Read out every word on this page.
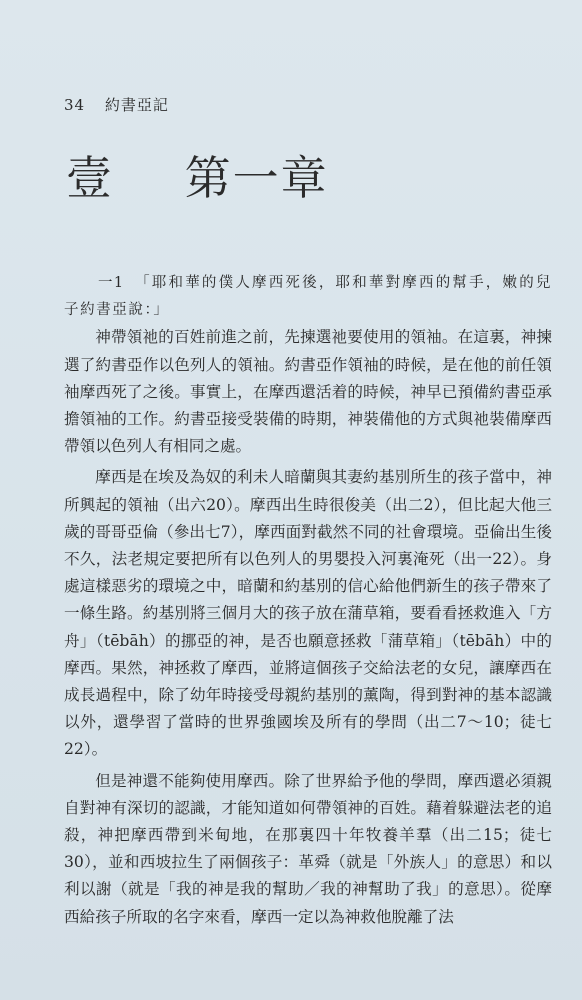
34 約書亞記
壹 第一章

一1 「耶和華的僕人摩西死後，耶和華對摩西的幫手，嫩的兒子約書亞說：」

神帶領祂的百姓前進之前，先揀選祂要使用的領袖。在這裏，神揀選了約書亞作以色列人的領袖。約書亞作領袖的時候，是在他的前任領袖摩西死了之後。事實上，在摩西還活着的時候，神早已預備約書亞承擔領袖的工作。約書亞接受裝備的時期，神裝備他的方式與祂裝備摩西帶領以色列人有相同之處。

摩西是在埃及為奴的利未人暗蘭與其妻約基別所生的孩子當中，神所興起的領袖（出六20）。摩西出生時很俊美（出二2），但比起大他三歲的哥哥亞倫（參出七7），摩西面對截然不同的社會環境。亞倫出生後不久，法老規定要把所有以色列人的男嬰投入河裏淹死（出一22）。身處這樣惡劣的環境之中，暗蘭和約基別的信心給他們新生的孩子帶來了一條生路。約基別將三個月大的孩子放在蒲草箱，要看看拯救進入「方舟」（tēbāh）的挪亞的神，是否也願意拯救「蒲草箱」（tēbāh）中的摩西。果然，神拯救了摩西，並將這個孩子交給法老的女兒，讓摩西在成長過程中，除了幼年時接受母親約基別的薰陶，得到對神的基本認識以外，還學習了當時的世界強國埃及所有的學問（出二7～10；徒七22）。

但是神還不能夠使用摩西。除了世界給予他的學問，摩西還必須親自對神有深切的認識，才能知道如何帶領神的百姓。藉着躲避法老的追殺，神把摩西帶到米甸地，在那裏四十年牧養羊羣（出二15；徒七30），並和西坡拉生了兩個孩子：革舜（就是「外族人」的意思）和以利以謝（就是「我的神是我的幫助／我的神幫助了我」的意思）。從摩西給孩子所取的名字來看，摩西一定以為神救他脫離了法
